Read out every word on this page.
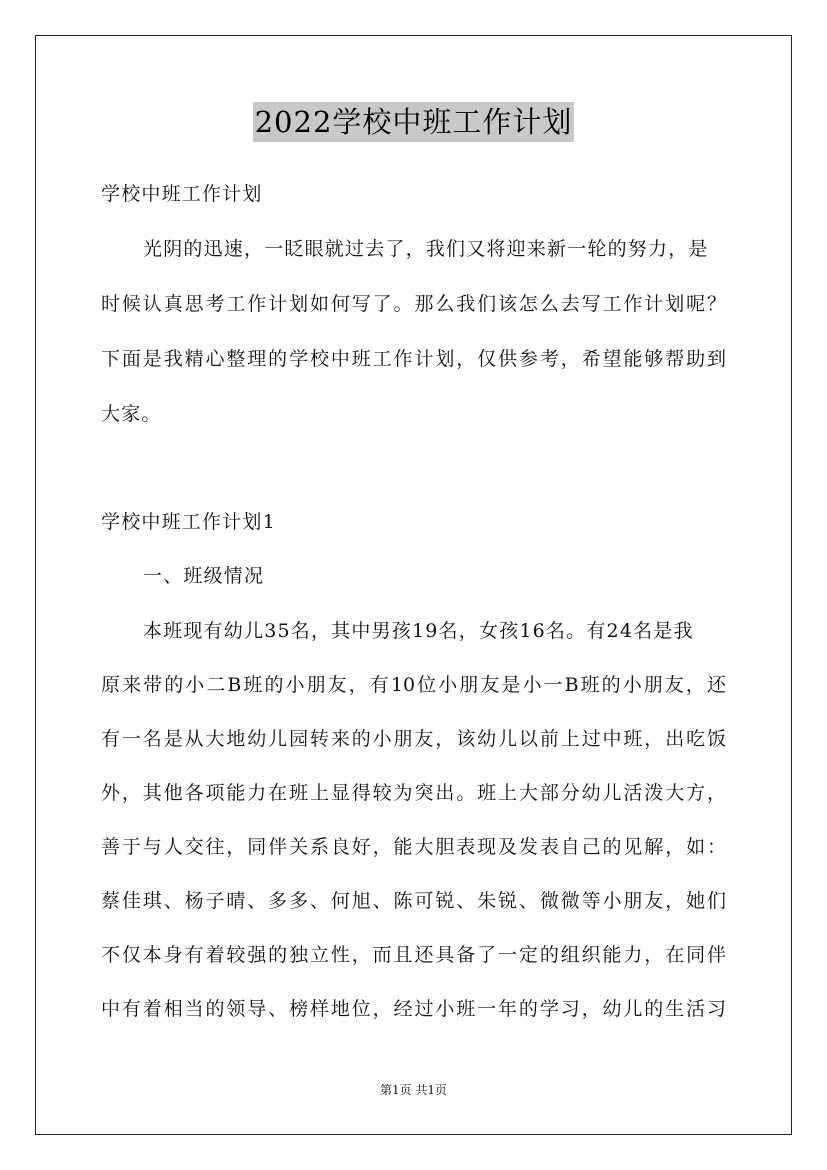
2022学校中班工作计划
学校中班工作计划
光阴的迅速，一眨眼就过去了，我们又将迎来新一轮的努力，是
时候认真思考工作计划如何写了。那么我们该怎么去写工作计划呢？
下面是我精心整理的学校中班工作计划，仅供参考，希望能够帮助到
大家。
学校中班工作计划1
一、班级情况
本班现有幼儿35名，其中男孩19名，女孩16名。有24名是我
原来带的小二B班的小朋友，有10位小朋友是小一B班的小朋友，还
有一名是从大地幼儿园转来的小朋友，该幼儿以前上过中班，出吃饭
外，其他各项能力在班上显得较为突出。班上大部分幼儿活泼大方，
善于与人交往，同伴关系良好，能大胆表现及发表自己的见解，如：
蔡佳琪、杨子晴、多多、何旭、陈可锐、朱锐、微微等小朋友，她们
不仅本身有着较强的独立性，而且还具备了一定的组织能力，在同伴
中有着相当的领导、榜样地位，经过小班一年的学习，幼儿的生活习
第1页 共1页
